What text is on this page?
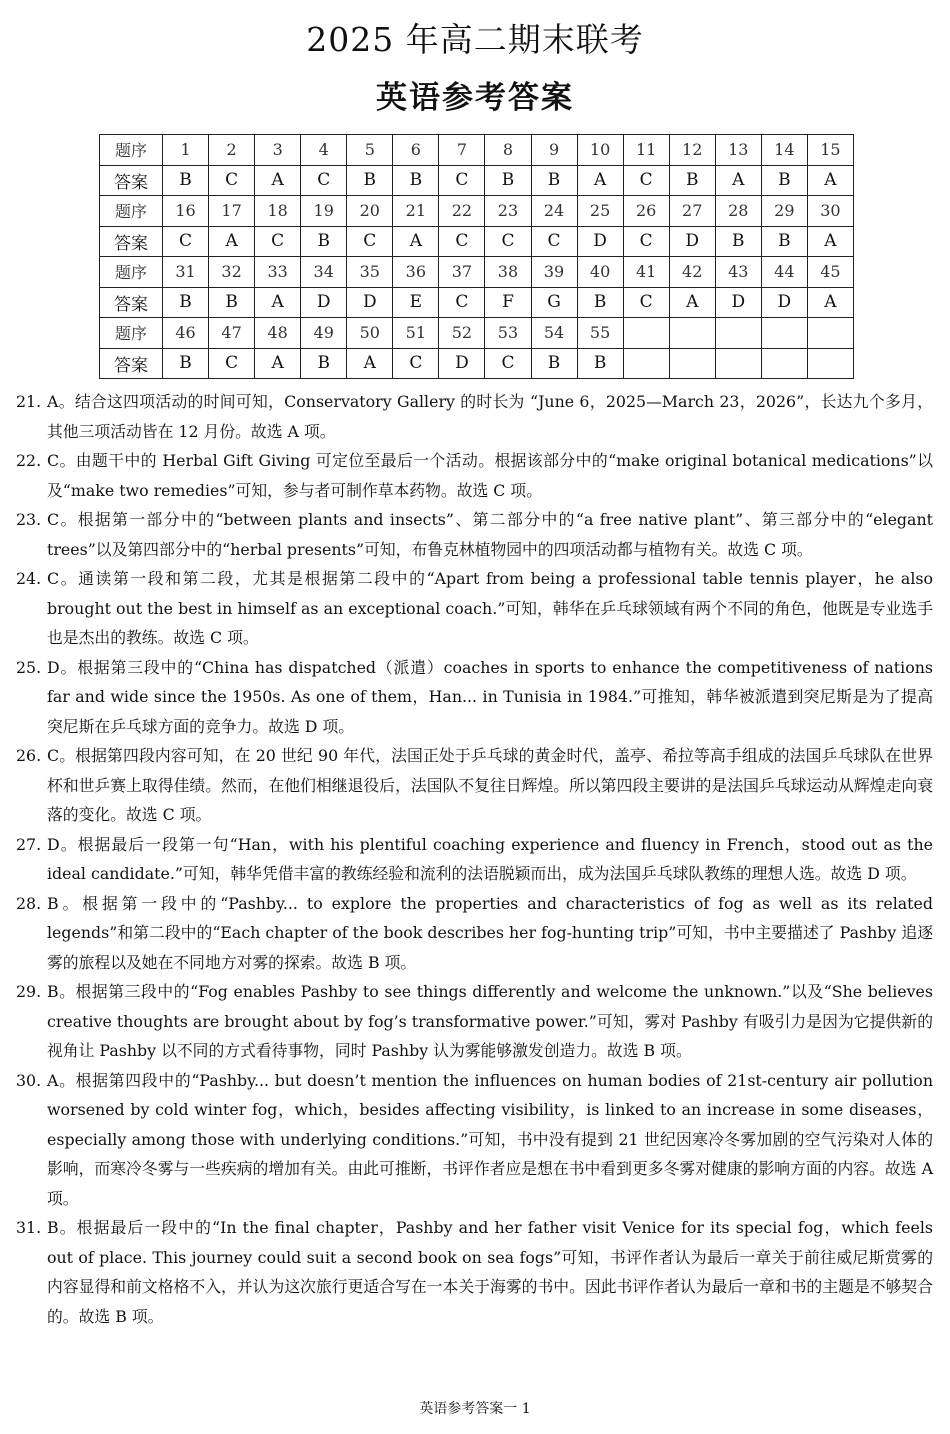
2025 年高二期末联考
英语参考答案
题序	1	2	3	4	5	6	7	8	9	10	11	12	13	14	15
答案	B	C	A	C	B	B	C	B	B	A	C	B	A	B	A
题序	16	17	18	19	20	21	22	23	24	25	26	27	28	29	30
答案	C	A	C	B	C	A	C	C	C	D	C	D	B	B	A
题序	31	32	33	34	35	36	37	38	39	40	41	42	43	44	45
答案	B	B	A	D	D	E	C	F	G	B	C	A	D	D	A
题序	46	47	48	49	50	51	52	53	54	55					
答案	B	C	A	B	A	C	D	C	B	B					
21. A。结合这四项活动的时间可知，Conservatory Gallery 的时长为 “June 6，2025—March 23，2026”，长达九个多月，其他三项活动皆在 12 月份。故选 A 项。
22. C。由题干中的 Herbal Gift Giving 可定位至最后一个活动。根据该部分中的“make original botanical medications”以及“make two remedies”可知，参与者可制作草本药物。故选 C 项。
23. C。根据第一部分中的“between plants and insects”、第二部分中的“a free native plant”、第三部分中的“elegant trees”以及第四部分中的“herbal presents”可知，布鲁克林植物园中的四项活动都与植物有关。故选 C 项。
24. C。通读第一段和第二段，尤其是根据第二段中的“Apart from being a professional table tennis player，he also brought out the best in himself as an exceptional coach.”可知，韩华在乒乓球领域有两个不同的角色，他既是专业选手也是杰出的教练。故选 C 项。
25. D。根据第三段中的“China has dispatched（派遣）coaches in sports to enhance the competitiveness of nations far and wide since the 1950s. As one of them，Han... in Tunisia in 1984.”可推知，韩华被派遣到突尼斯是为了提高突尼斯在乒乓球方面的竞争力。故选 D 项。
26. C。根据第四段内容可知，在 20 世纪 90 年代，法国正处于乒乓球的黄金时代，盖亭、希拉等高手组成的法国乒乓球队在世界杯和世乒赛上取得佳绩。然而，在他们相继退役后，法国队不复往日辉煌。所以第四段主要讲的是法国乒乓球运动从辉煌走向衰落的变化。故选 C 项。
27. D。根据最后一段第一句“Han，with his plentiful coaching experience and fluency in French，stood out as the ideal candidate.”可知，韩华凭借丰富的教练经验和流利的法语脱颖而出，成为法国乒乓球队教练的理想人选。故选 D 项。
28. B。根据第一段中的“Pashby... to explore the properties and characteristics of fog as well as its related legends”和第二段中的“Each chapter of the book describes her fog-hunting trip”可知，书中主要描述了 Pashby 追逐雾的旅程以及她在不同地方对雾的探索。故选 B 项。
29. B。根据第三段中的“Fog enables Pashby to see things differently and welcome the unknown.”以及“She believes creative thoughts are brought about by fog’s transformative power.”可知，雾对 Pashby 有吸引力是因为它提供新的视角让 Pashby 以不同的方式看待事物，同时 Pashby 认为雾能够激发创造力。故选 B 项。
30. A。根据第四段中的“Pashby... but doesn’t mention the influences on human bodies of 21st-century air pollution worsened by cold winter fog，which，besides affecting visibility，is linked to an increase in some diseases，especially among those with underlying conditions.”可知，书中没有提到 21 世纪因寒冷冬雾加剧的空气污染对人体的影响，而寒冷冬雾与一些疾病的增加有关。由此可推断，书评作者应是想在书中看到更多冬雾对健康的影响方面的内容。故选 A 项。
31. B。根据最后一段中的“In the final chapter，Pashby and her father visit Venice for its special fog，which feels out of place. This journey could suit a second book on sea fogs”可知，书评作者认为最后一章关于前往威尼斯赏雾的内容显得和前文格格不入，并认为这次旅行更适合写在一本关于海雾的书中。因此书评作者认为最后一章和书的主题是不够契合的。故选 B 项。
英语参考答案一 1
